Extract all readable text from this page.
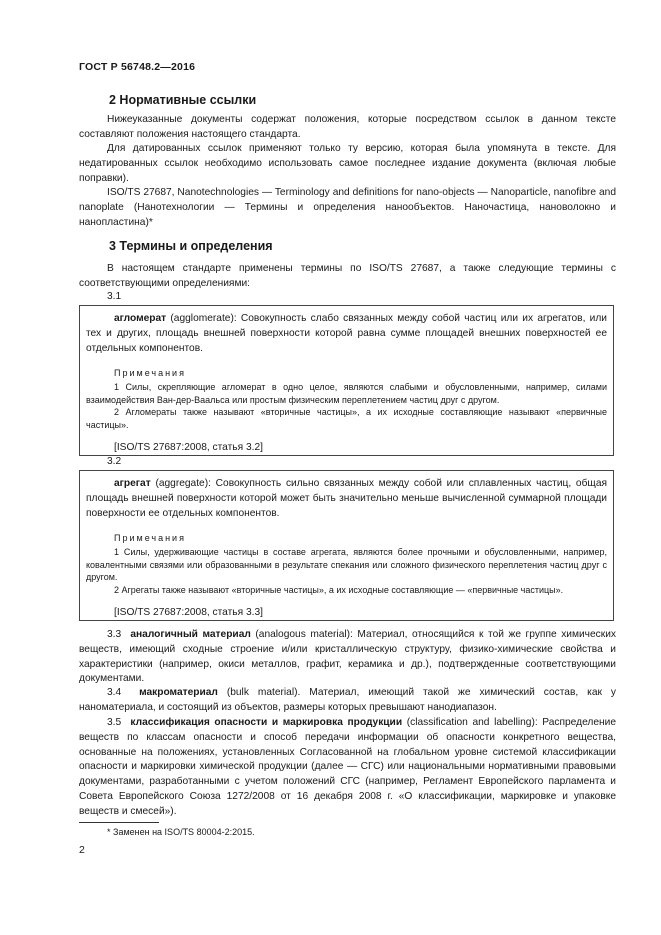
ГОСТ Р 56748.2—2016
2 Нормативные ссылки
Нижеуказанные документы содержат положения, которые посредством ссылок в данном тексте составляют положения настоящего стандарта.
Для датированных ссылок применяют только ту версию, которая была упомянута в тексте. Для недатированных ссылок необходимо использовать самое последнее издание документа (включая любые поправки).
ISO/TS 27687, Nanotechnologies — Terminology and definitions for nano-objects — Nanoparticle, nanofibre and nanoplate (Нанотехнологии — Термины и определения нанообъектов. Наночастица, нановолокно и нанопластина)*
3 Термины и определения
В настоящем стандарте применены термины по ISO/TS 27687, а также следующие термины с соответствующими определениями:
3.1
агломерат (agglomerate): Совокупность слабо связанных между собой частиц или их агрегатов, или тех и других, площадь внешней поверхности которой равна сумме площадей внешних поверхностей ее отдельных компонентов.
Примечания
1 Силы, скрепляющие агломерат в одно целое, являются слабыми и обусловленными, например, силами взаимодействия Ван-дер-Ваальса или простым физическим переплетением частиц друг с другом.
2 Агломераты также называют «вторичные частицы», а их исходные составляющие называют «первичные частицы».
[ISO/TS 27687:2008, статья 3.2]
3.2
агрегат (aggregate): Совокупность сильно связанных между собой или сплавленных частиц, общая площадь внешней поверхности которой может быть значительно меньше вычисленной суммарной площади поверхности ее отдельных компонентов.
Примечания
1 Силы, удерживающие частицы в составе агрегата, являются более прочными и обусловленными, например, ковалентными связями или образованными в результате спекания или сложного физического переплетения частиц друг с другом.
2 Агрегаты также называют «вторичные частицы», а их исходные составляющие — «первичные частицы».
[ISO/TS 27687:2008, статья 3.3]
3.3 аналогичный материал (analogous material): Материал, относящийся к той же группе химических веществ, имеющий сходные строение и/или кристаллическую структуру, физико-химические свойства и характеристики (например, окиси металлов, графит, керамика и др.), подтвержденные соответствующими документами.
3.4 макроматериал (bulk material). Материал, имеющий такой же химический состав, как у наноматериала, и состоящий из объектов, размеры которых превышают нанодиапазон.
3.5 классификация опасности и маркировка продукции (classification and labelling): Распределение веществ по классам опасности и способ передачи информации об опасности конкретного вещества, основанные на положениях, установленных Согласованной на глобальном уровне системой классификации опасности и маркировки химической продукции (далее — СГС) или национальными нормативными правовыми документами, разработанными с учетом положений СГС (например, Регламент Европейского парламента и Совета Европейского Союза 1272/2008 от 16 декабря 2008 г. «О классификации, маркировке и упаковке веществ и смесей»).
* Заменен на ISO/TS 80004-2:2015.
2
